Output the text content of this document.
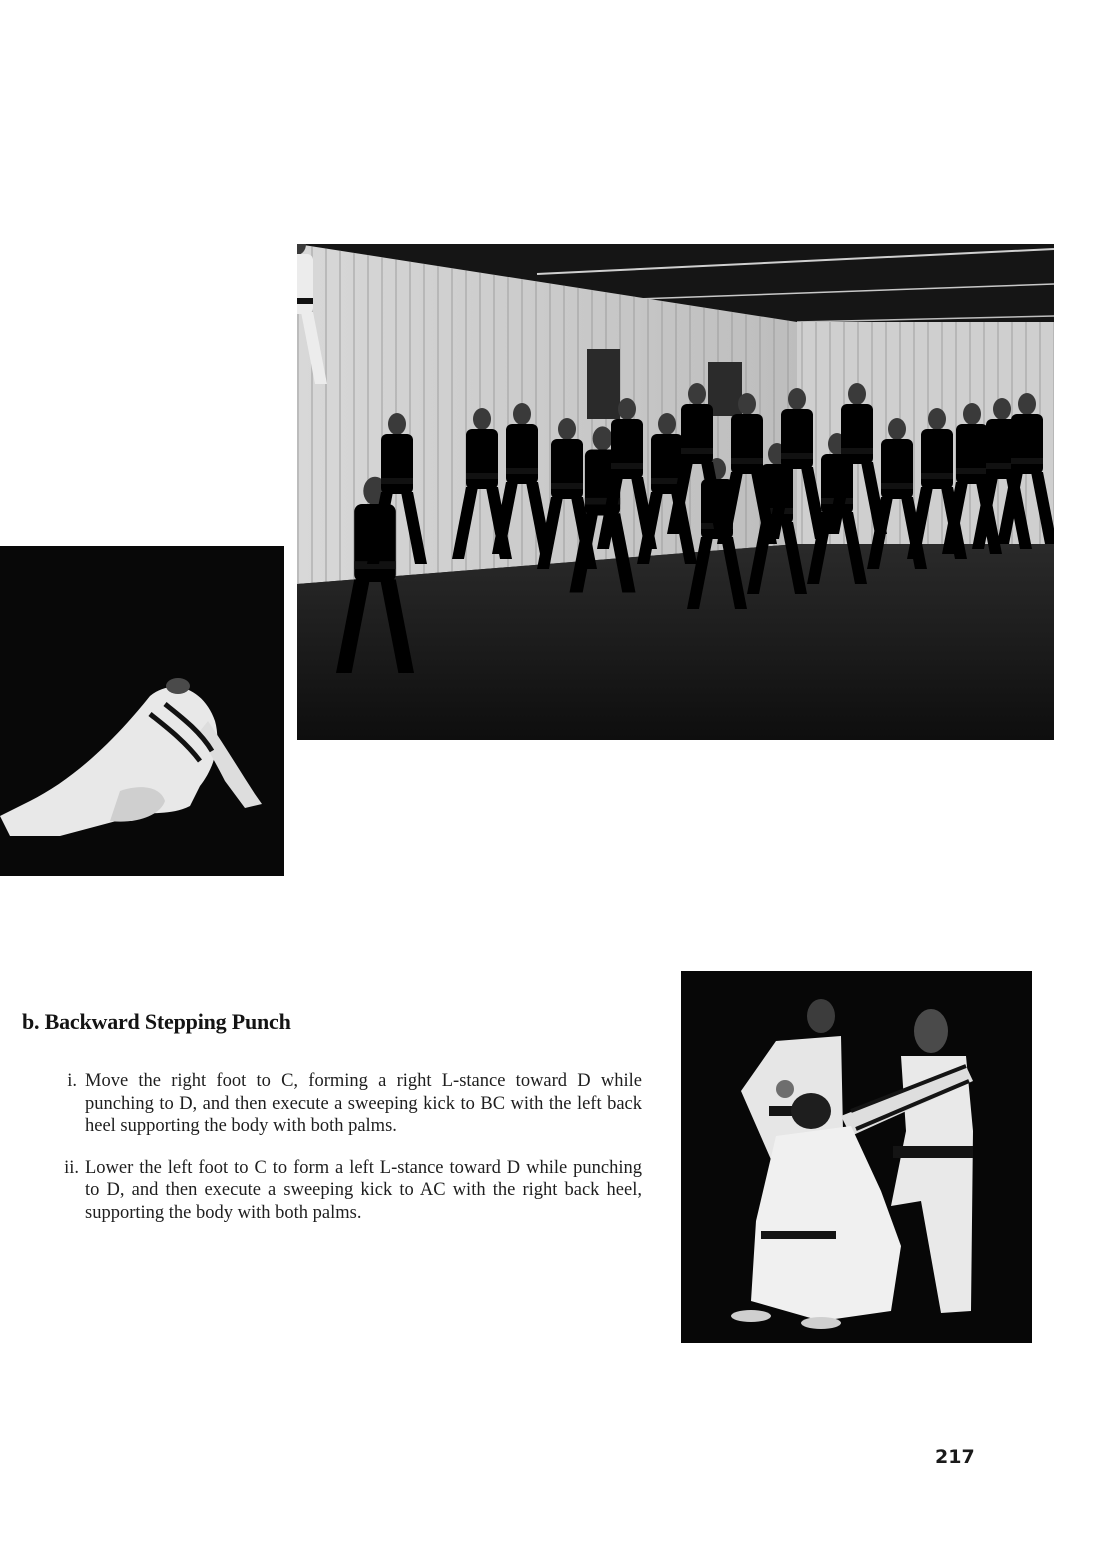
b. Backward Stepping Punch
i. Move the right foot to C, forming a right L-stance toward D while punching to D, and then execute a sweeping kick to BC with the left back heel supporting the body with both palms.
ii. Lower the left foot to C to form a left L-stance toward D while punching to D, and then execute a sweeping kick to AC with the right back heel, supporting the body with both palms.
217
